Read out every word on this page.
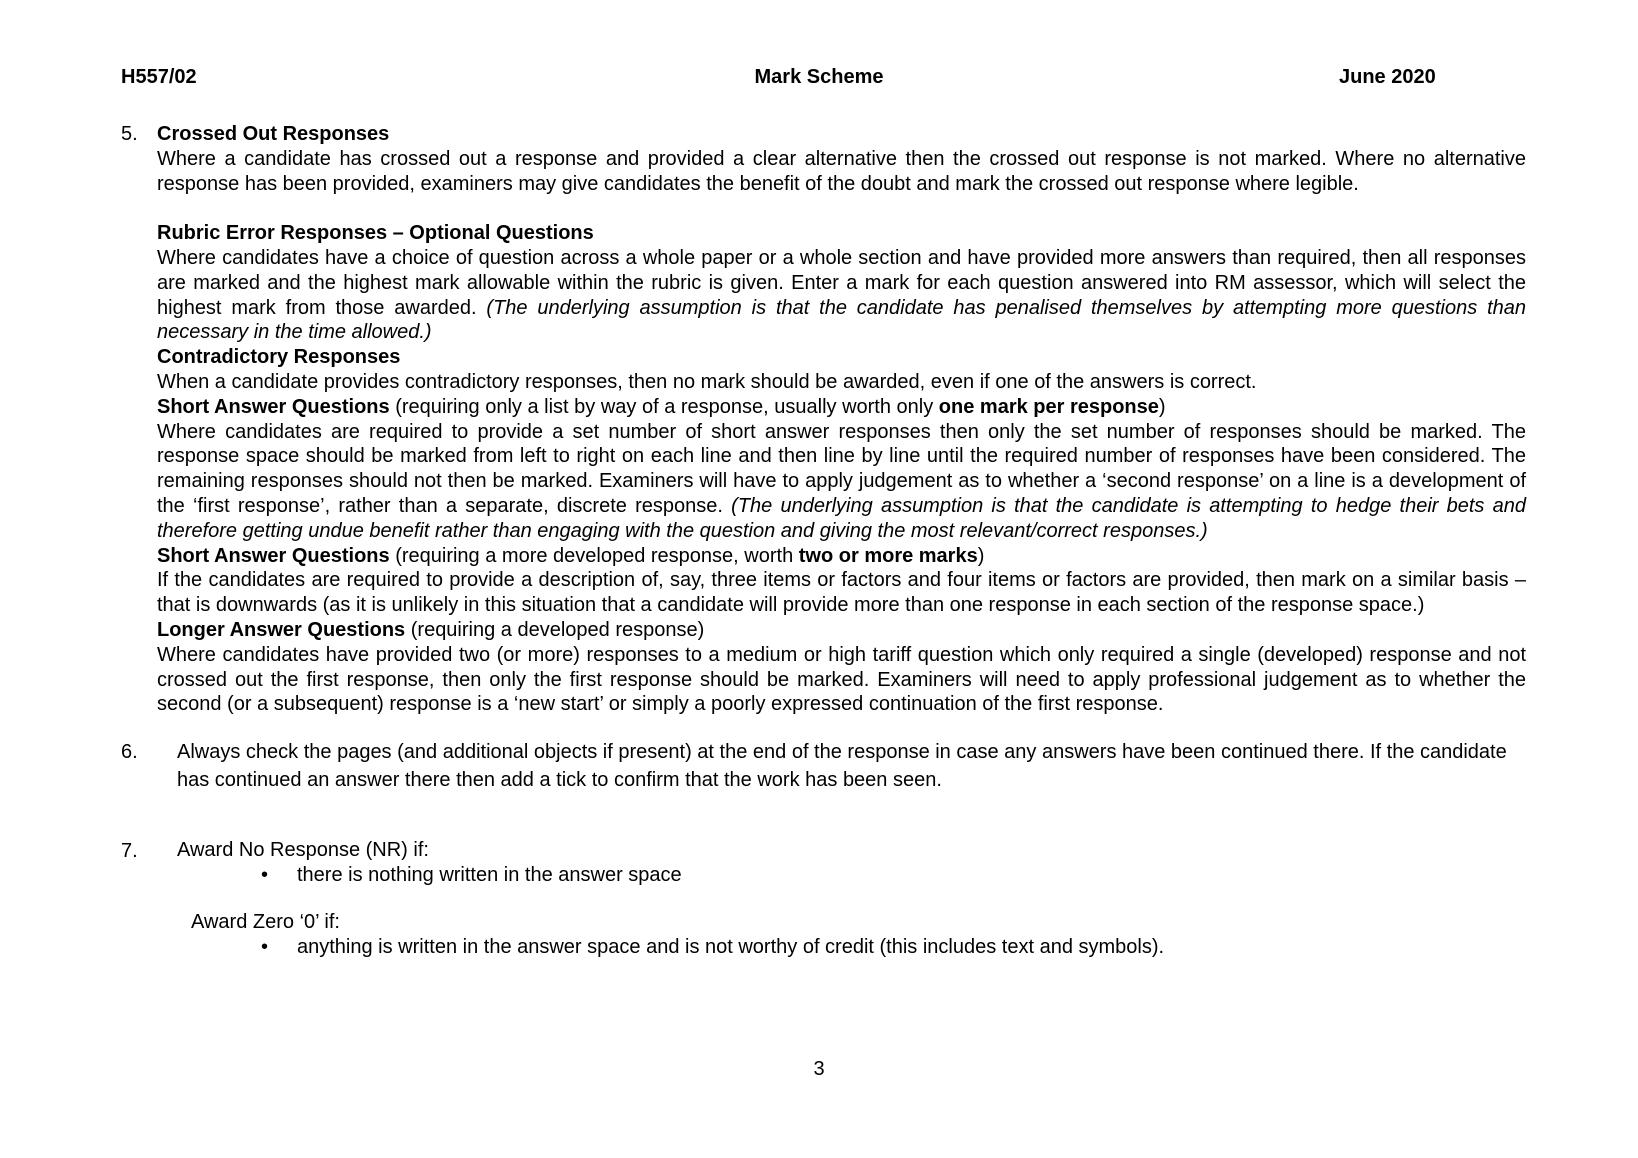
H557/02	Mark Scheme	June 2020
5. Crossed Out Responses
Where a candidate has crossed out a response and provided a clear alternative then the crossed out response is not marked. Where no alternative response has been provided, examiners may give candidates the benefit of the doubt and mark the crossed out response where legible.
Rubric Error Responses – Optional Questions
Where candidates have a choice of question across a whole paper or a whole section and have provided more answers than required, then all responses are marked and the highest mark allowable within the rubric is given. Enter a mark for each question answered into RM assessor, which will select the highest mark from those awarded. (The underlying assumption is that the candidate has penalised themselves by attempting more questions than necessary in the time allowed.)
Contradictory Responses
When a candidate provides contradictory responses, then no mark should be awarded, even if one of the answers is correct.
Short Answer Questions (requiring only a list by way of a response, usually worth only one mark per response)
Where candidates are required to provide a set number of short answer responses then only the set number of responses should be marked. The response space should be marked from left to right on each line and then line by line until the required number of responses have been considered. The remaining responses should not then be marked. Examiners will have to apply judgement as to whether a ‘second response’ on a line is a development of the ‘first response’, rather than a separate, discrete response. (The underlying assumption is that the candidate is attempting to hedge their bets and therefore getting undue benefit rather than engaging with the question and giving the most relevant/correct responses.)
Short Answer Questions (requiring a more developed response, worth two or more marks)
If the candidates are required to provide a description of, say, three items or factors and four items or factors are provided, then mark on a similar basis – that is downwards (as it is unlikely in this situation that a candidate will provide more than one response in each section of the response space.)
Longer Answer Questions (requiring a developed response)
Where candidates have provided two (or more) responses to a medium or high tariff question which only required a single (developed) response and not crossed out the first response, then only the first response should be marked. Examiners will need to apply professional judgement as to whether the second (or a subsequent) response is a ‘new start’ or simply a poorly expressed continuation of the first response.
6. Always check the pages (and additional objects if present) at the end of the response in case any answers have been continued there. If the candidate has continued an answer there then add a tick to confirm that the work has been seen.
7. Award No Response (NR) if:
• there is nothing written in the answer space
Award Zero ‘0’ if:
• anything is written in the answer space and is not worthy of credit (this includes text and symbols).
3
